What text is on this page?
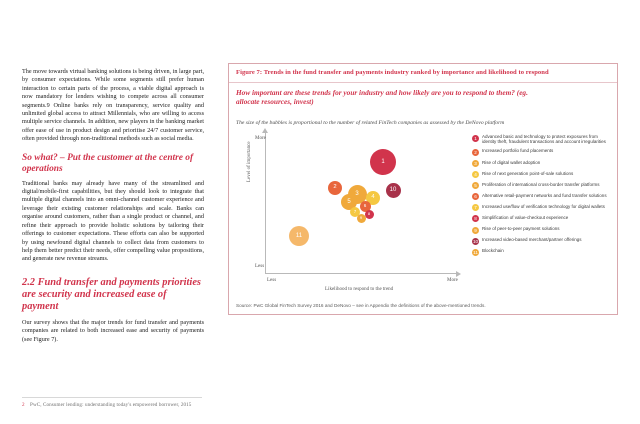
The move towards virtual banking solutions is being driven, in large part, by consumer expectations. While some segments still prefer human interaction to certain parts of the process, a viable digital approach is now mandatory for lenders wishing to compete across all consumer segments.9 Online banks rely on transparency, service quality and unlimited global access to attract Millennials, who are willing to access multiple service channels. In addition, new players in the banking market offer ease of use in product design and prioritise 24/7 customer service, often provided through non-traditional methods such as social media.

So what? – Put the customer at the centre of operations

Traditional banks may already have many of the streamlined and digital/mobile-first capabilities, but they should look to integrate that multiple digital channels into an omni-channel customer experience and leverage their existing customer relationships and scale. Banks can organise around customers, rather than a single product or channel, and refine their approach to provide holistic solutions by tailoring their offerings to customer expectations. These efforts can also be supported by using newfound digital channels to collect data from customers to help them better predict their needs, offer compelling value propositions, and generate new revenue streams.

2.2 Fund transfer and payments priorities are security and increased ease of payment

Our survey shows that the major trends for fund transfer and payments companies are related to both increased ease and security of payments (see Figure 7).

2 PwC, Consumer lending: understanding today's empowered borrower, 2015
Figure 7: Trends in the fund transfer and payments industry ranked by importance and likelihood to respond
How important are these trends for your industry and how likely are you to respond to them? (eg. allocate resources, invest)
The size of the bubbles is proportional to the number of related FinTech companies as assessed by the DeNovo platform
1
2
3
4
5
6
7	8
9
10
11
Level of importance
More
Less
Less	More
Likelihood to respond to the trend
1	Advanced basic and technology to protect exposures from identity theft, fraudulent transactions and account irregularities
2	Increased portfolio fund placements
3	Rise of digital wallet adoption
4	Rise of next generation point-of-sale solutions
5	Proliferation of international cross-border transfer platforms
6	Alternative retail-payment networks and fund transfer solutions
7	Increased use/flow of verification technology for digital wallets
8	Simplification of value-checkout experience
9	Rise of peer-to-peer payment solutions
10 Increased video-based merchant/partner offerings
11 Blockchain
Source: PwC Global FinTech Survey 2016 and DeNovo – see in Appendix the definitions of the above-mentioned trends.
